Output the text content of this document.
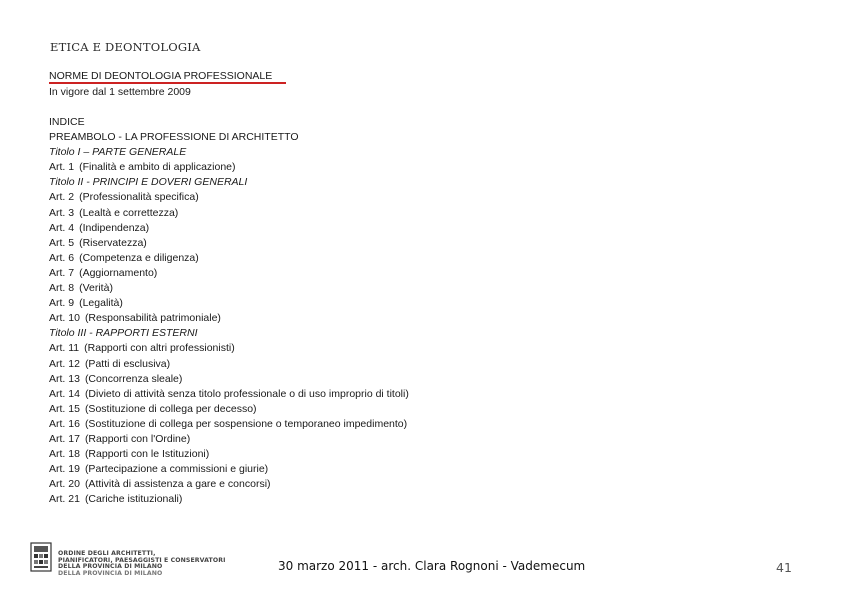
ETICA E DEONTOLOGIA
NORME DI DEONTOLOGIA PROFESSIONALE
In vigore dal 1 settembre 2009
INDICE
PREAMBOLO - LA PROFESSIONE DI ARCHITETTO
Titolo I – PARTE GENERALE
Art. 1 (Finalità e ambito di applicazione)
Titolo II - PRINCIPI E DOVERI GENERALI
Art. 2 (Professionalità specifica)
Art. 3 (Lealtà e correttezza)
Art. 4 (Indipendenza)
Art. 5 (Riservatezza)
Art. 6 (Competenza e diligenza)
Art. 7 (Aggiornamento)
Art. 8 (Verità)
Art. 9 (Legalità)
Art. 10 (Responsabilità patrimoniale)
Titolo III - RAPPORTI ESTERNI
Art. 11 (Rapporti con altri professionisti)
Art. 12 (Patti di esclusiva)
Art. 13 (Concorrenza sleale)
Art. 14 (Divieto di attività senza titolo professionale o di uso improprio di titoli)
Art. 15 (Sostituzione di collega per decesso)
Art. 16 (Sostituzione di collega per sospensione o temporaneo impedimento)
Art. 17 (Rapporti con l'Ordine)
Art. 18 (Rapporti con le Istituzioni)
Art. 19 (Partecipazione a commissioni e giurie)
Art. 20 (Attività di assistenza a gare e concorsi)
Art. 21 (Cariche istituzionali)
ORDINE DEGLI ARCHITETTI,
PIANIFICATORI, PAESAGGISTI E CONSERVATORI
DELLA PROVINCIA DI MILANO
DELLA PROVINCIA DI MILANO
30 marzo 2011 - arch. Clara Rognoni - Vademecum	41
